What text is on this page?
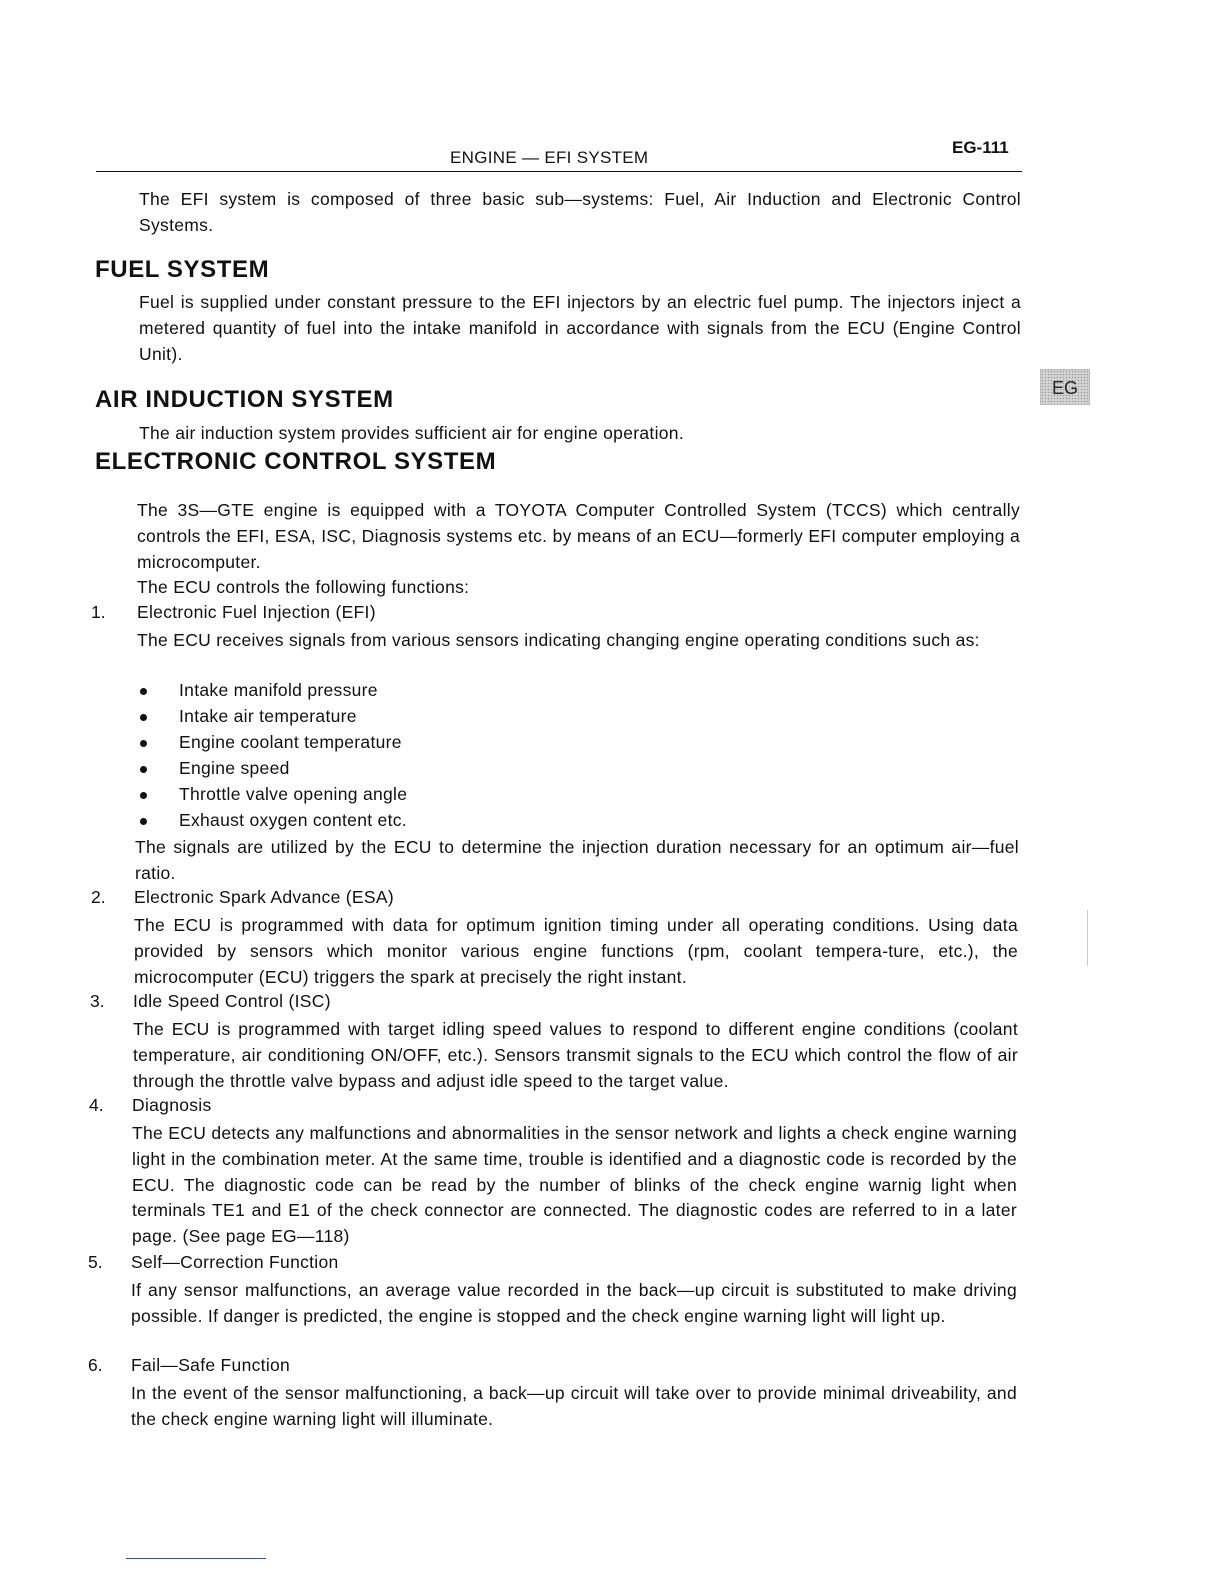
ENGINE — EFI SYSTEM
EG-111
EG

The EFI system is composed of three basic sub—systems: Fuel, Air Induction and Electronic Control Systems.

FUEL SYSTEM

Fuel is supplied under constant pressure to the EFI injectors by an electric fuel pump. The injectors inject a metered quantity of fuel into the intake manifold in accordance with signals from the ECU (Engine Control Unit).

AIR INDUCTION SYSTEM

The air induction system provides sufficient air for engine operation.

ELECTRONIC CONTROL SYSTEM

The 3S—GTE engine is equipped with a TOYOTA Computer Controlled System (TCCS) which centrally controls the EFI, ESA, ISC, Diagnosis systems etc. by means of an ECU—formerly EFI computer employing a microcomputer.

The ECU controls the following functions:

1. Electronic Fuel Injection (EFI)

The ECU receives signals from various sensors indicating changing engine operating conditions such as:

Intake manifold pressure
Intake air temperature
Engine coolant temperature
Engine speed
Throttle valve opening angle
Exhaust oxygen content etc.

The signals are utilized by the ECU to determine the injection duration necessary for an optimum air—fuel ratio.

2. Electronic Spark Advance (ESA)

The ECU is programmed with data for optimum ignition timing under all operating conditions. Using data provided by sensors which monitor various engine functions (rpm, coolant tempera-ture, etc.), the microcomputer (ECU) triggers the spark at precisely the right instant.

3. Idle Speed Control (ISC)

The ECU is programmed with target idling speed values to respond to different engine conditions (coolant temperature, air conditioning ON/OFF, etc.). Sensors transmit signals to the ECU which control the flow of air through the throttle valve bypass and adjust idle speed to the target value.

4. Diagnosis

The ECU detects any malfunctions and abnormalities in the sensor network and lights a check engine warning light in the combination meter. At the same time, trouble is identified and a diagnostic code is recorded by the ECU. The diagnostic code can be read by the number of blinks of the check engine warnig light when terminals TE1 and E1 of the check connector are connected. The diagnostic codes are referred to in a later page. (See page EG—118)

5. Self—Correction Function

If any sensor malfunctions, an average value recorded in the back—up circuit is substituted to make driving possible. If danger is predicted, the engine is stopped and the check engine warning light will light up.

6. Fail—Safe Function

In the event of the sensor malfunctioning, a back—up circuit will take over to provide minimal driveability, and the check engine warning light will illuminate.
